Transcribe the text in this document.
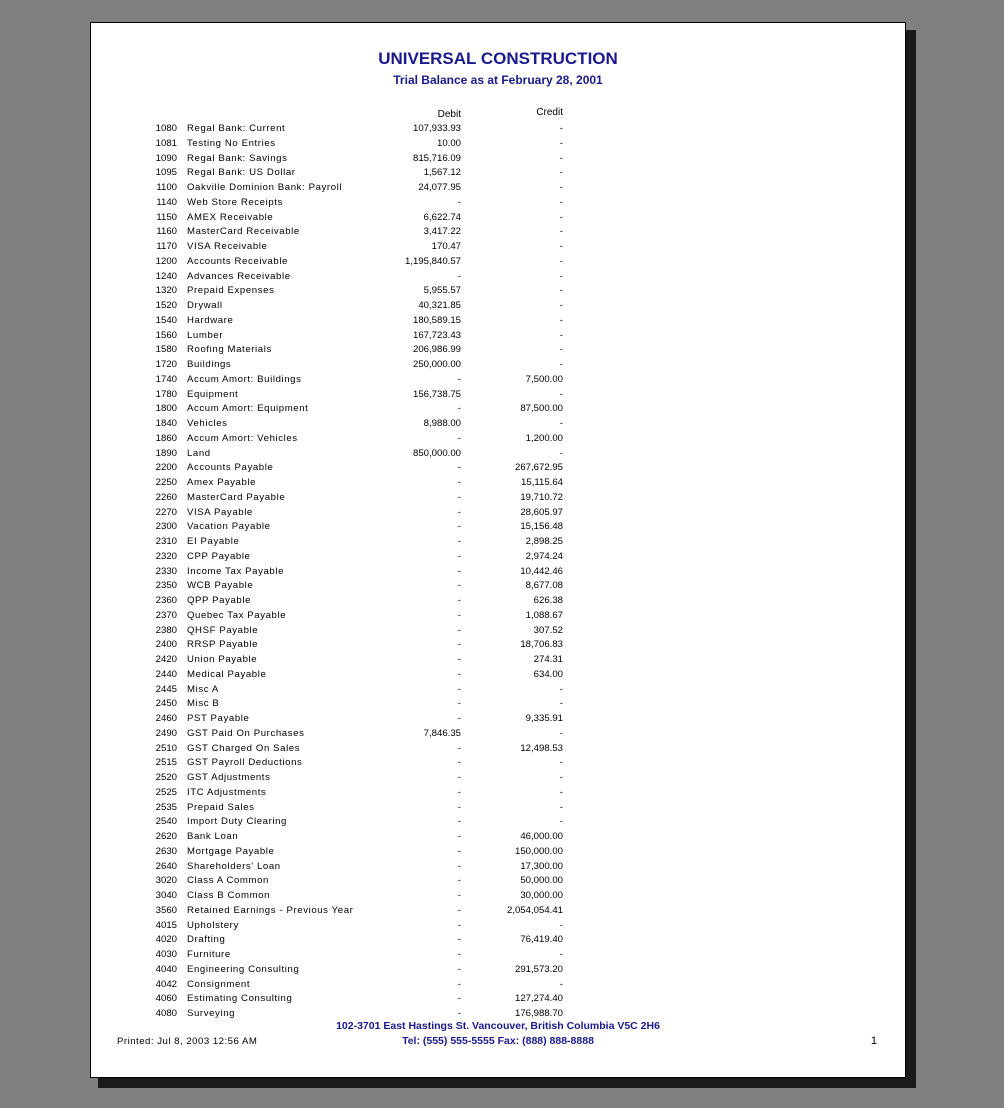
UNIVERSAL CONSTRUCTION
Trial Balance as at February 28, 2001
Debit	Credit
1080 Regal Bank: Current	107,933.93	-
1081 Testing No Entries	10.00	-
1090 Regal Bank: Savings	815,716.09	-
1095 Regal Bank: US Dollar	1,567.12	-
1100 Oakville Dominion Bank: Payroll	24,077.95	-
1140 Web Store Receipts	-	-
1150 AMEX Receivable	6,622.74	-
1160 MasterCard Receivable	3,417.22	-
1170 VISA Receivable	170.47	-
1200 Accounts Receivable	1,195,840.57	-
1240 Advances Receivable	-	-
1320 Prepaid Expenses	5,955.57	-
1520 Drywall	40,321.85	-
1540 Hardware	180,589.15	-
1560 Lumber	167,723.43	-
1580 Roofing Materials	206,986.99	-
1720 Buildings	250,000.00	-
1740 Accum Amort: Buildings	-	7,500.00
1780 Equipment	156,738.75	-
1800 Accum Amort: Equipment	-	87,500.00
1840 Vehicles	8,988.00	-
1860 Accum Amort: Vehicles	-	1,200.00
1890 Land	850,000.00	-
2200 Accounts Payable	-	267,672.95
2250 Amex Payable	-	15,115.64
2260 MasterCard Payable	-	19,710.72
2270 VISA Payable	-	28,605.97
2300 Vacation Payable	-	15,156.48
2310 EI Payable	-	2,898.25
2320 CPP Payable	-	2,974.24
2330 Income Tax Payable	-	10,442.46
2350 WCB Payable	-	8,677.08
2360 QPP Payable	-	626.38
2370 Quebec Tax Payable	-	1,088.67
2380 QHSF Payable	-	307.52
2400 RRSP Payable	-	18,706.83
2420 Union Payable	-	274.31
2440 Medical Payable	-	634.00
2445 Misc A	-	-
2450 Misc B	-	-
2460 PST Payable	-	9,335.91
2490 GST Paid On Purchases	7,846.35	-
2510 GST Charged On Sales	-	12,498.53
2515 GST Payroll Deductions	-	-
2520 GST Adjustments	-	-
2525 ITC Adjustments	-	-
2535 Prepaid Sales	-	-
2540 Import Duty Clearing	-	-
2620 Bank Loan	-	46,000.00
2630 Mortgage Payable	-	150,000.00
2640 Shareholders' Loan	-	17,300.00
3020 Class A Common	-	50,000.00
3040 Class B Common	-	30,000.00
3560 Retained Earnings - Previous Year	-	2,054,054.41
4015 Upholstery	-	-
4020 Drafting	-	76,419.40
4030 Furniture	-	-
4040 Engineering Consulting	-	291,573.20
4042 Consignment	-	-
4060 Estimating Consulting	-	127,274.40
4080 Surveying	-	176,988.70
102-3701 East Hastings St. Vancouver, British Columbia V5C 2H6
Tel: (555) 555-5555 Fax: (888) 888-8888
Printed: Jul 8, 2003 12:56 AM	1
